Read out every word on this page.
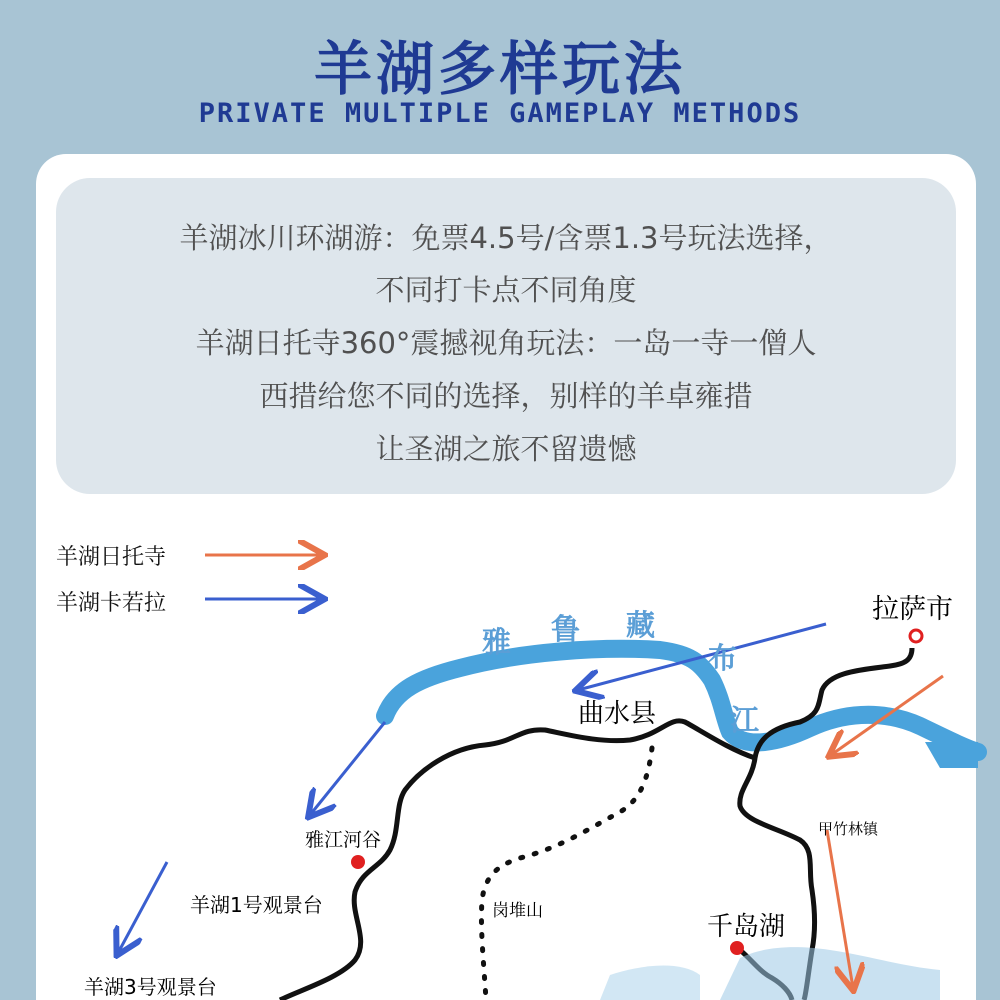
羊湖多样玩法
PRIVATE MULTIPLE GAMEPLAY METHODS
羊湖冰川环湖游：免票4.5号/含票1.3号玩法选择，
不同打卡点不同角度
羊湖日托寺360°震撼视角玩法：一岛一寺一僧人
西措给您不同的选择，别样的羊卓雍措
让圣湖之旅不留遗憾
羊湖日托寺
羊湖卡若拉
雅 鲁 藏
布
江
拉萨市
曲水县
雅江河谷	甲竹林镇
岗堆山
千岛湖
羊湖1号观景台
羊湖3号观景台
